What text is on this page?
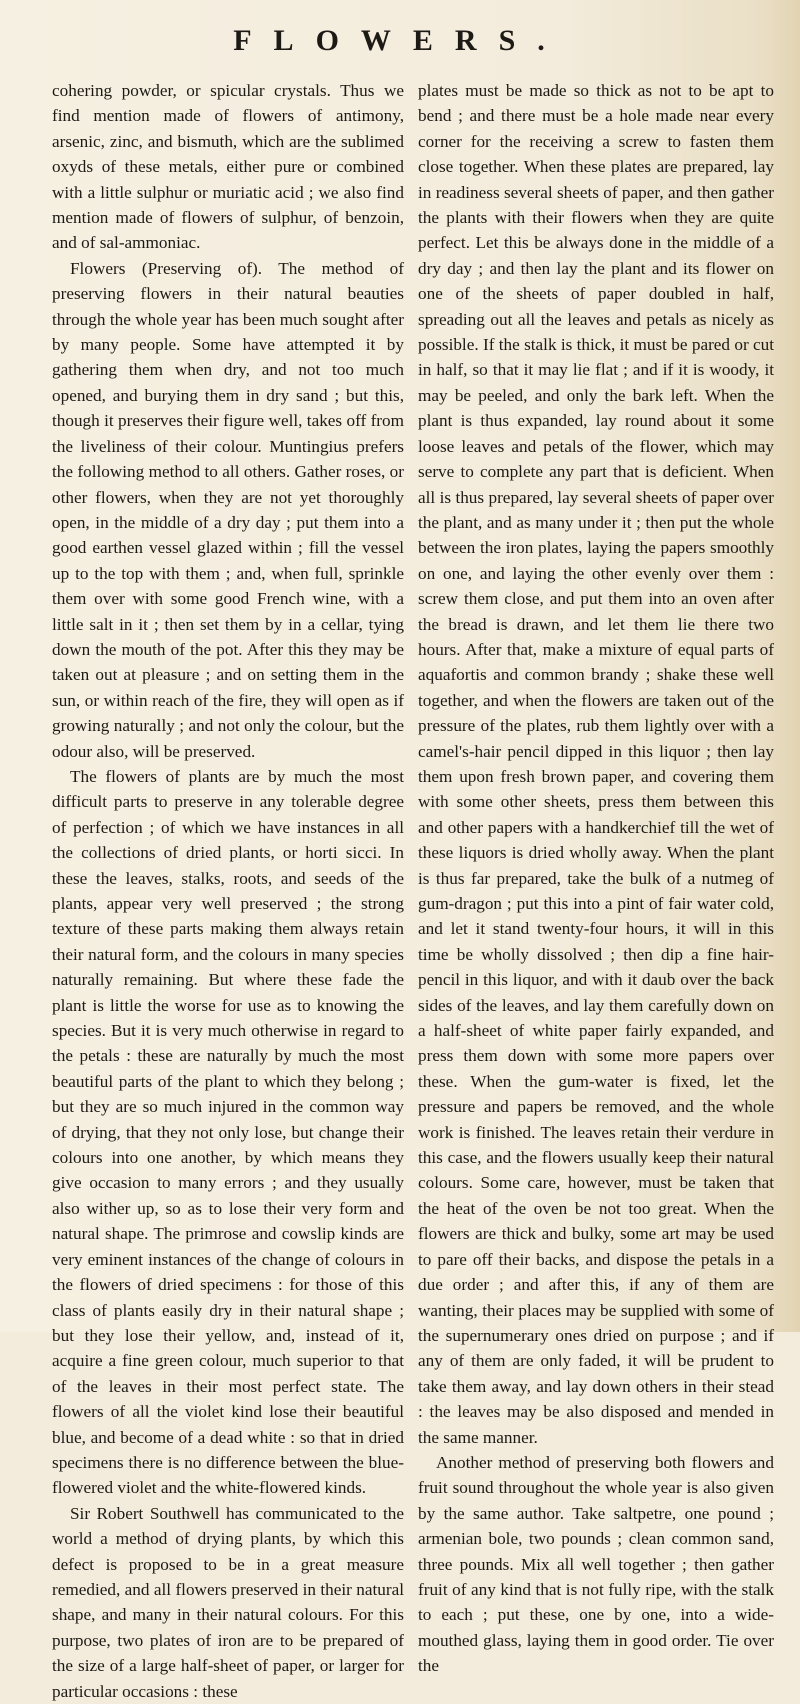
FLOWERS.

cohering powder, or spicular crystals. Thus we find mention made of flowers of antimony, arsenic, zinc, and bismuth, which are the sublimed oxyds of these metals, either pure or combined with a little sulphur or muriatic acid ; we also find mention made of flowers of sulphur, of benzoin, and of sal-ammoniac.

Flowers (Preserving of). The method of preserving flowers in their natural beauties through the whole year has been much sought after by many people. Some have attempted it by gathering them when dry, and not too much opened, and burying them in dry sand ; but this, though it preserves their figure well, takes off from the liveliness of their colour. Muntingius prefers the following method to all others. Gather roses, or other flowers, when they are not yet thoroughly open, in the middle of a dry day ; put them into a good earthen vessel glazed within ; fill the vessel up to the top with them ; and, when full, sprinkle them over with some good French wine, with a little salt in it ; then set them by in a cellar, tying down the mouth of the pot. After this they may be taken out at pleasure ; and on setting them in the sun, or within reach of the fire, they will open as if growing naturally ; and not only the colour, but the odour also, will be preserved.

The flowers of plants are by much the most difficult parts to preserve in any tolerable degree of perfection ; of which we have instances in all the collections of dried plants, or horti sicci. In these the leaves, stalks, roots, and seeds of the plants, appear very well preserved ; the strong texture of these parts making them always retain their natural form, and the colours in many species naturally remaining. But where these fade the plant is little the worse for use as to knowing the species. But it is very much otherwise in regard to the petals : these are naturally by much the most beautiful parts of the plant to which they belong ; but they are so much injured in the common way of drying, that they not only lose, but change their colours into one another, by which means they give occasion to many errors ; and they usually also wither up, so as to lose their very form and natural shape. The primrose and cowslip kinds are very eminent instances of the change of colours in the flowers of dried specimens : for those of this class of plants easily dry in their natural shape ; but they lose their yellow, and, instead of it, acquire a fine green colour, much superior to that of the leaves in their most perfect state. The flowers of all the violet kind lose their beautiful blue, and become of a dead white : so that in dried specimens there is no difference between the blue-flowered violet and the white-flowered kinds.

Sir Robert Southwell has communicated to the world a method of drying plants, by which this defect is proposed to be in a great measure remedied, and all flowers preserved in their natural shape, and many in their natural colours. For this purpose, two plates of iron are to be prepared of the size of a large half-sheet of paper, or larger for particular occasions : these

plates must be made so thick as not to be apt to bend ; and there must be a hole made near every corner for the receiving a screw to fasten them close together. When these plates are prepared, lay in readiness several sheets of paper, and then gather the plants with their flowers when they are quite perfect. Let this be always done in the middle of a dry day ; and then lay the plant and its flower on one of the sheets of paper doubled in half, spreading out all the leaves and petals as nicely as possible. If the stalk is thick, it must be pared or cut in half, so that it may lie flat ; and if it is woody, it may be peeled, and only the bark left. When the plant is thus expanded, lay round about it some loose leaves and petals of the flower, which may serve to complete any part that is deficient. When all is thus prepared, lay several sheets of paper over the plant, and as many under it ; then put the whole between the iron plates, laying the papers smoothly on one, and laying the other evenly over them : screw them close, and put them into an oven after the bread is drawn, and let them lie there two hours. After that, make a mixture of equal parts of aquafortis and common brandy ; shake these well together, and when the flowers are taken out of the pressure of the plates, rub them lightly over with a camel's-hair pencil dipped in this liquor ; then lay them upon fresh brown paper, and covering them with some other sheets, press them between this and other papers with a handkerchief till the wet of these liquors is dried wholly away. When the plant is thus far prepared, take the bulk of a nutmeg of gum-dragon ; put this into a pint of fair water cold, and let it stand twenty-four hours, it will in this time be wholly dissolved ; then dip a fine hair-pencil in this liquor, and with it daub over the back sides of the leaves, and lay them carefully down on a half-sheet of white paper fairly expanded, and press them down with some more papers over these. When the gum-water is fixed, let the pressure and papers be removed, and the whole work is finished. The leaves retain their verdure in this case, and the flowers usually keep their natural colours. Some care, however, must be taken that the heat of the oven be not too great. When the flowers are thick and bulky, some art may be used to pare off their backs, and dispose the petals in a due order ; and after this, if any of them are wanting, their places may be supplied with some of the supernumerary ones dried on purpose ; and if any of them are only faded, it will be prudent to take them away, and lay down others in their stead : the leaves may be also disposed and mended in the same manner.

Another method of preserving both flowers and fruit sound throughout the whole year is also given by the same author. Take saltpetre, one pound ; armenian bole, two pounds ; clean common sand, three pounds. Mix all well together ; then gather fruit of any kind that is not fully ripe, with the stalk to each ; put these, one by one, into a wide-mouthed glass, laying them in good order. Tie over the
